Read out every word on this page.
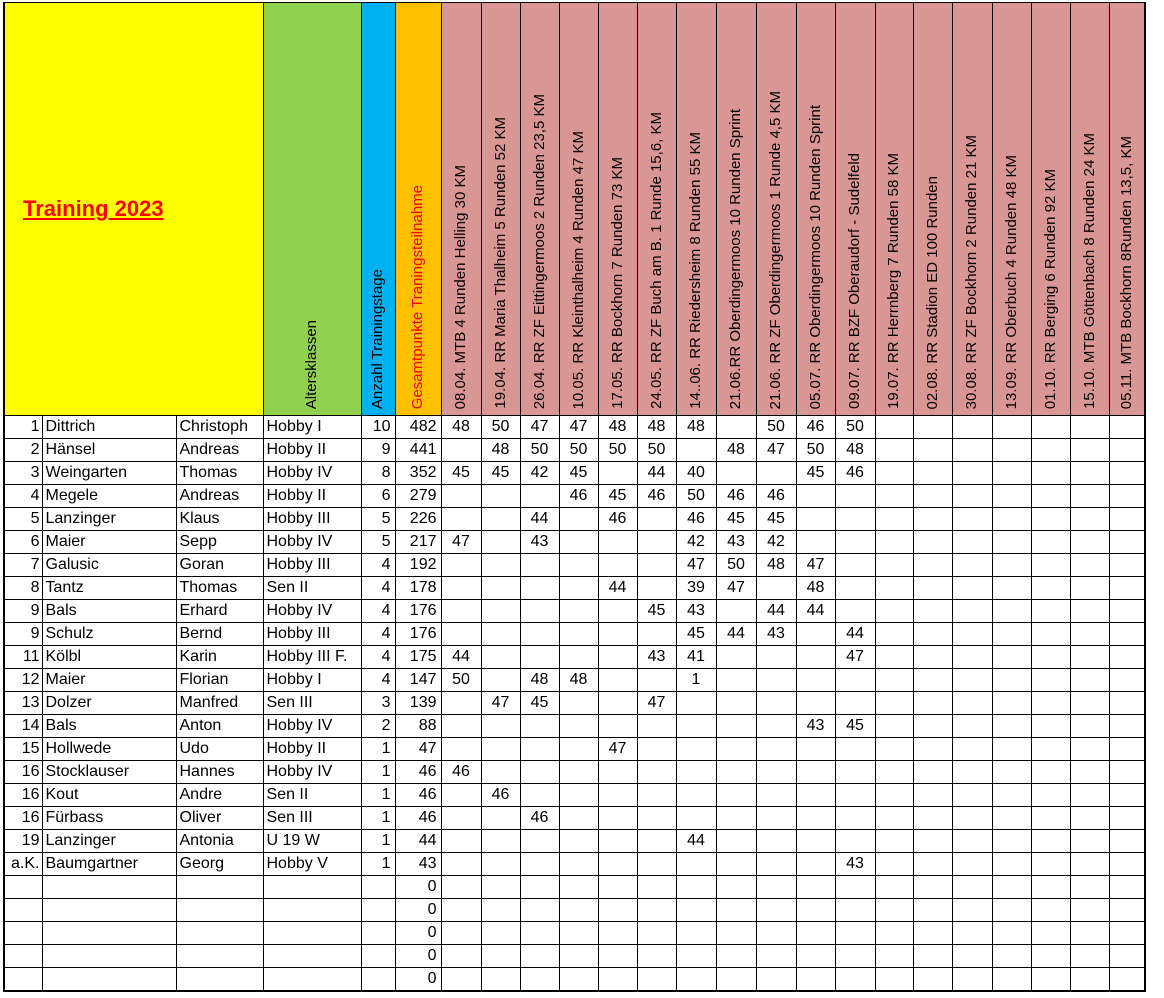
Training 2023			Altersklassen	Anzahl Trainingstage	Gesamtpunkte Traningsteilnahme	08.04. MTB 4 Runden Helling 30 KM	19.04. RR Maria Thalheim 5 Runden 52 KM	26.04. RR ZF Eittingermoos 2 Runden 23,5 KM	10.05. RR Kleinthalheim 4 Runden 47 KM	17.05. RR Bockhorn 7 Runden 73 KM	24.05. RR ZF Buch am B. 1 Runde 15,6, KM	14..06. RR Riedersheim 8 Runden 55 KM	21.06.RR Oberdingermoos 10 Runden Sprint	21.06. RR ZF Oberdingermoos 1 Runde 4,5 KM	05.07. RR Oberdingermoos 10 Runden Sprint	09.07. RR BZF Oberaudorf - Sudelfeld	19.07. RR Herrnberg 7 Runden 58 KM	02.08. RR Stadion ED 100 Runden	30.08. RR ZF Bockhorn 2 Runden 21 KM	13.09. RR Oberbuch 4 Runden 48 KM	01.10. RR Berging 6 Runden 92 KM	15.10. MTB Göttenbach 8 Runden 24 KM	05.11. MTB Bockhorn 8Runden 13,5, KM

1	Dittrich	Christoph	Hobby I	10	482	48	50	47	47	48	48	48		50	46	50							
2	Hänsel	Andreas	Hobby II	9	441		48	50	50	50	50		48	47	50	48							
3	Weingarten	Thomas	Hobby IV	8	352	45	45	42	45		44	40			45	46							
4	Megele	Andreas	Hobby II	6	279				46	45	46	50	46	46									
5	Lanzinger	Klaus	Hobby III	5	226			44		46		46	45	45									
6	Maier	Sepp	Hobby IV	5	217	47		43				42	43	42									
7	Galusic	Goran	Hobby III	4	192							47	50	48	47								
8	Tantz	Thomas	Sen II	4	178					44		39	47		48								
9	Bals	Erhard	Hobby IV	4	176						45	43		44	44								
9	Schulz	Bernd	Hobby III	4	176							45	44	43		44							
11	Kölbl	Karin	Hobby III F.	4	175	44					43	41				47							
12	Maier	Florian	Hobby I	4	147	50		48	48			1											
13	Dolzer	Manfred	Sen III	3	139		47	45			47												
14	Bals	Anton	Hobby IV	2	88										43	45							
15	Hollwede	Udo	Hobby II	1	47					47													
16	Stocklauser	Hannes	Hobby IV	1	46	46																	
16	Kout	Andre	Sen II	1	46		46																
16	Fürbass	Oliver	Sen III	1	46			46															
19	Lanzinger	Antonia	U 19 W	1	44							44											
a.K.	Baumgartner	Georg	Hobby V	1	43											43							
					0																		
					0																		
					0																		
					0																		
					0																		
